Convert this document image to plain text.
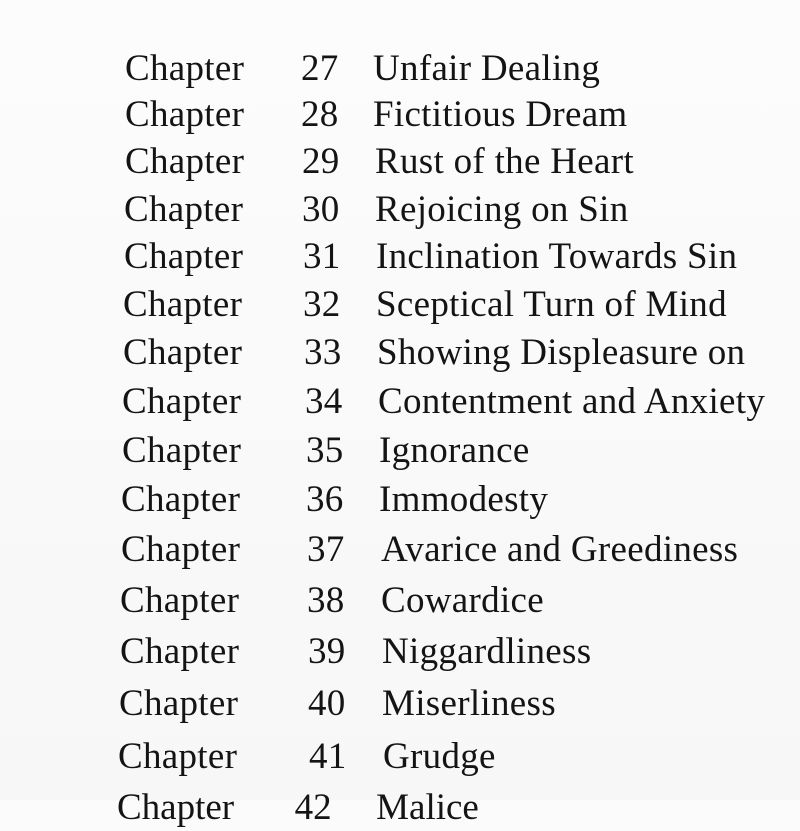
Chapter 27 Unfair Dealing
Chapter 28 Fictitious Dream
Chapter 29 Rust of the Heart
Chapter 30 Rejoicing on Sin
Chapter 31 Inclination Towards Sin
Chapter 32 Sceptical Turn of Mind
Chapter 33 Showing Displeasure on
Chapter 34 Contentment and Anxiety
Chapter 35 Ignorance
Chapter 36 Immodesty
Chapter 37 Avarice and Greediness
Chapter 38 Cowardice
Chapter 39 Niggardliness
Chapter 40 Miserliness
Chapter 41 Grudge
Chapter 42 Malice
